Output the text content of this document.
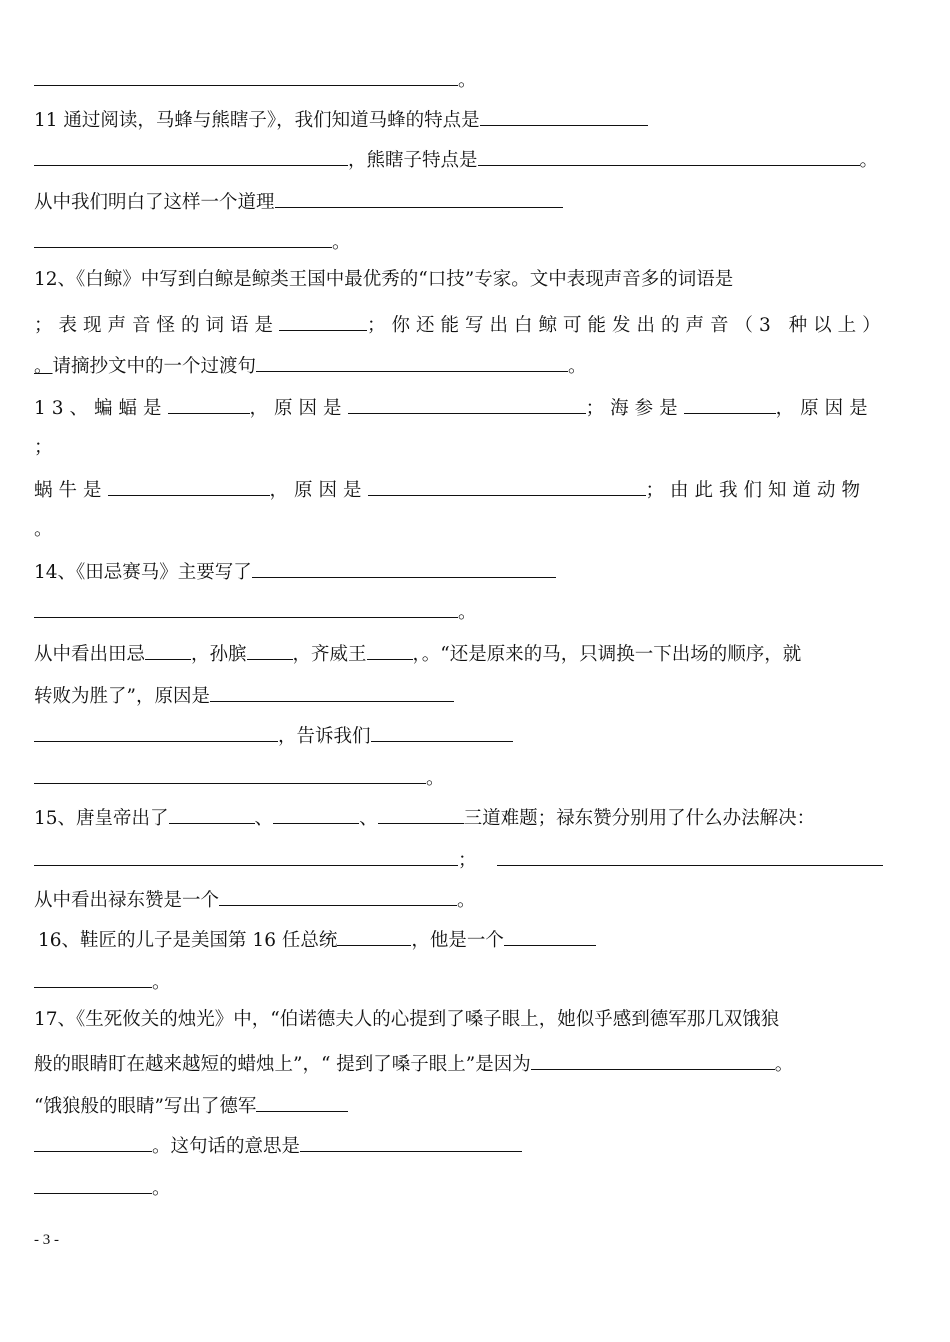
。
11 通过阅读，马蜂与熊瞎子》，我们知道马蜂的特点是
，熊瞎子特点是	。
从中我们明白了这样一个道理
。
12、《白鲸》中写到白鲸是鲸类王国中最优秀的“口技”专家。文中表现声音多的词语是
；表现声音怪的词语是	；你还能写出白鲸可能发出的声音（3 种以上）
。请摘抄文中的一个过渡句	。
13、蝙蝠是	，原因是	；海参是	，原因是
；
蜗牛是	，原因是	；由此我们知道动物
。
14、《田忌赛马》主要写了
。
从中看出田忌 ，孙膑 ，齐威王 ，。“还是原来的马，只调换一下出场的顺序，就
转败为胜了”，原因是
，告诉我们
。
15、唐皇帝出了	、	、	三道难题；禄东赞分别用了什么办法解决：
；
从中看出禄东赞是一个	。
16、鞋匠的儿子是美国第 16 任总统	，他是一个
。
17、《生死攸关的烛光》中，“伯诺德夫人的心提到了嗓子眼上，她似乎感到德军那几双饿狼
般的眼睛盯在越来越短的蜡烛上”，“ 提到了嗓子眼上”是因为	。
“饿狼般的眼睛”写出了德军
。这句话的意思是
。
- 3 -
